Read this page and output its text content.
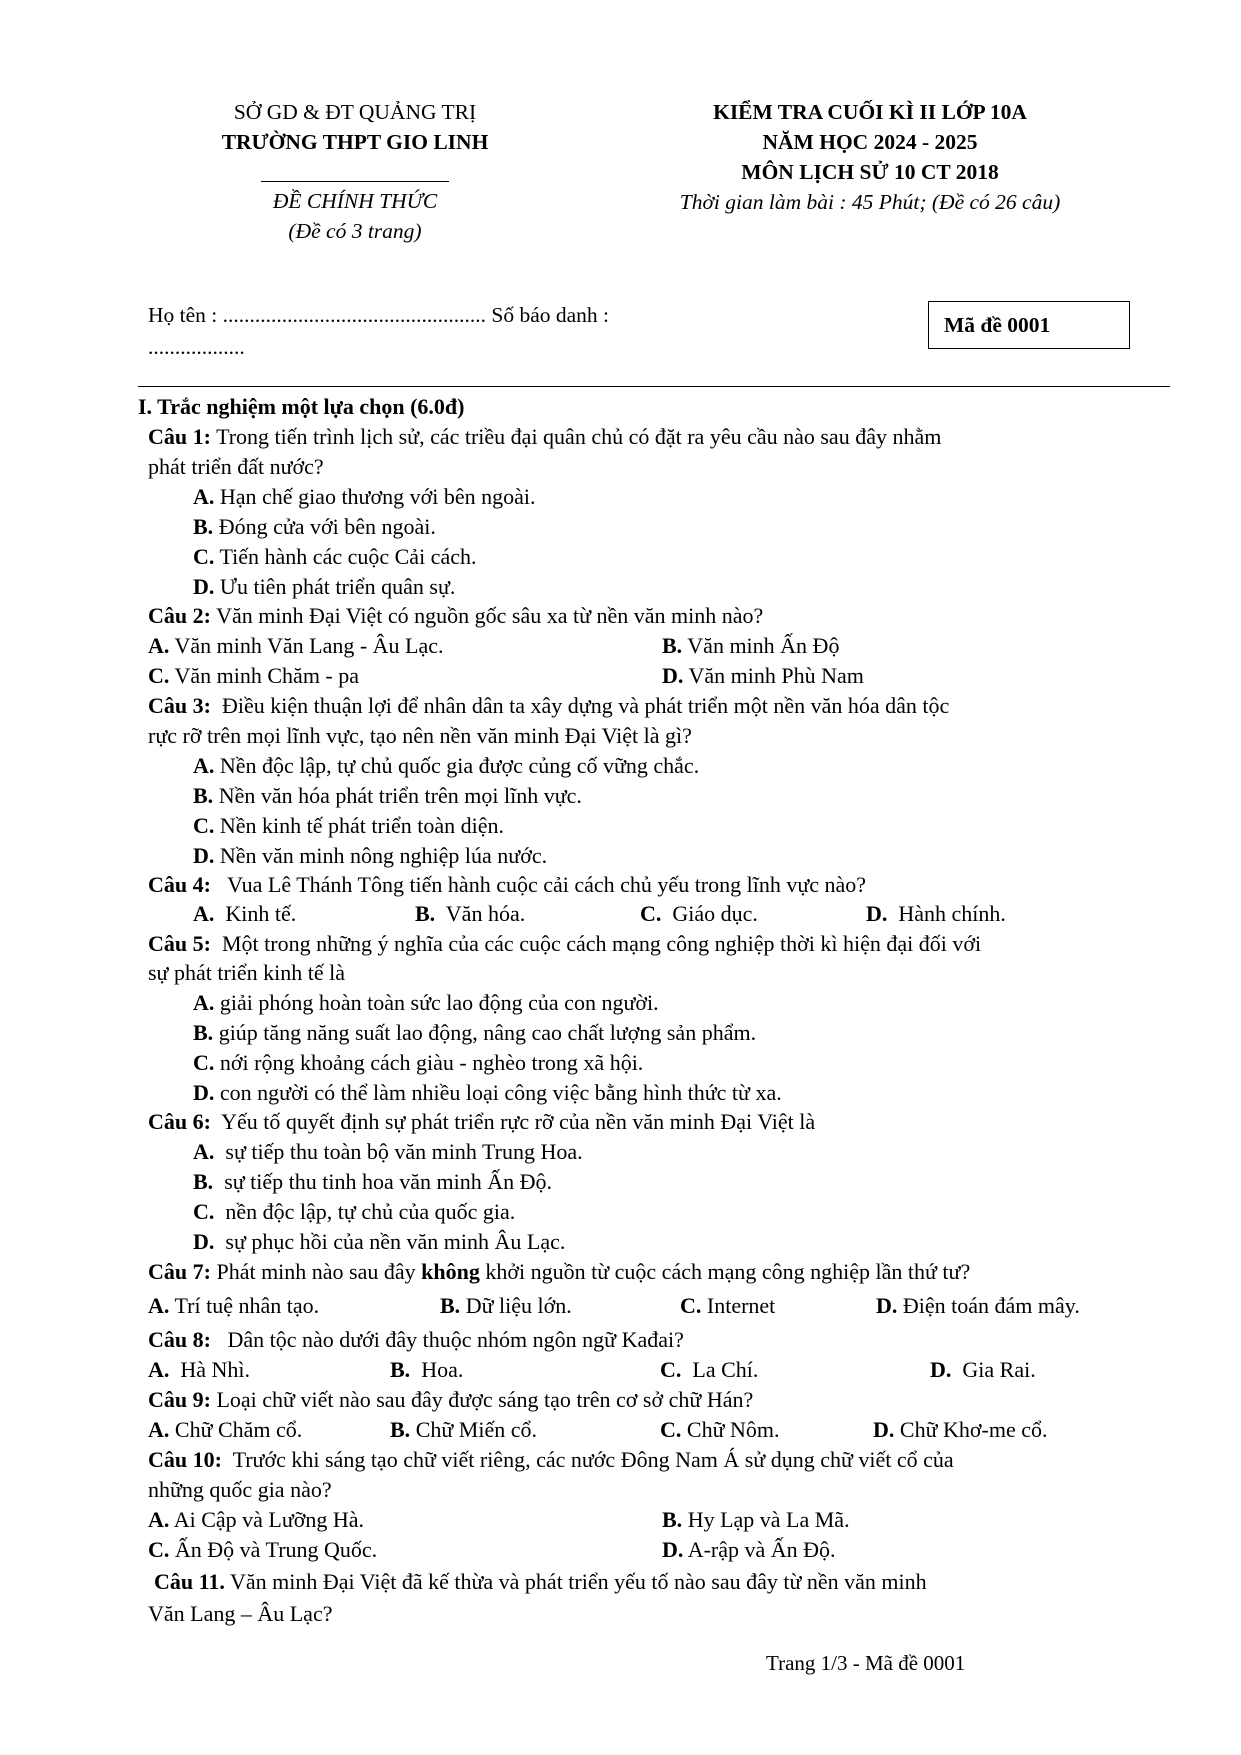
SỞ GD & ĐT QUẢNG TRỊ
TRƯỜNG THPT GIO LINH
ĐỀ CHÍNH THỨC
(Đề có 3 trang)
KIỂM TRA CUỐI KÌ II LỚP 10A
NĂM HỌC 2024 - 2025
MÔN LỊCH SỬ 10 CT 2018
Thời gian làm bài : 45 Phút; (Đề có 26 câu)
Họ tên : ................................................. Số báo danh :
..................
Mã đề 0001
I. Trắc nghiệm một lựa chọn (6.0đ)
Câu 1: Trong tiến trình lịch sử, các triều đại quân chủ có đặt ra yêu cầu nào sau đây nhằm
phát triển đất nước?
A. Hạn chế giao thương với bên ngoài.
B. Đóng cửa với bên ngoài.
C. Tiến hành các cuộc Cải cách.
D. Ưu tiên phát triển quân sự.
Câu 2: Văn minh Đại Việt có nguồn gốc sâu xa từ nền văn minh nào?
A. Văn minh Văn Lang - Âu Lạc.	B. Văn minh Ấn Độ
C. Văn minh Chăm - pa	D. Văn minh Phù Nam
Câu 3: Điều kiện thuận lợi để nhân dân ta xây dựng và phát triển một nền văn hóa dân tộc
rực rỡ trên mọi lĩnh vực, tạo nên nền văn minh Đại Việt là gì?
A. Nền độc lập, tự chủ quốc gia được củng cố vững chắc.
B. Nền văn hóa phát triển trên mọi lĩnh vực.
C. Nền kinh tế phát triển toàn diện.
D. Nền văn minh nông nghiệp lúa nước.
Câu 4: Vua Lê Thánh Tông tiến hành cuộc cải cách chủ yếu trong lĩnh vực nào?
A. Kinh tế.	B. Văn hóa.	C. Giáo dục.	D. Hành chính.
Câu 5: Một trong những ý nghĩa của các cuộc cách mạng công nghiệp thời kì hiện đại đối với
sự phát triển kinh tế là
A. giải phóng hoàn toàn sức lao động của con người.
B. giúp tăng năng suất lao động, nâng cao chất lượng sản phẩm.
C. nới rộng khoảng cách giàu - nghèo trong xã hội.
D. con người có thể làm nhiều loại công việc bằng hình thức từ xa.
Câu 6: Yếu tố quyết định sự phát triển rực rỡ của nền văn minh Đại Việt là
A. sự tiếp thu toàn bộ văn minh Trung Hoa.
B. sự tiếp thu tinh hoa văn minh Ấn Độ.
C. nền độc lập, tự chủ của quốc gia.
D. sự phục hồi của nền văn minh Âu Lạc.
Câu 7: Phát minh nào sau đây không khởi nguồn từ cuộc cách mạng công nghiệp lần thứ tư?
A. Trí tuệ nhân tạo.	B. Dữ liệu lớn.	C. Internet	D. Điện toán đám mây.
Câu 8: Dân tộc nào dưới đây thuộc nhóm ngôn ngữ Kađai?
A. Hà Nhì.	B. Hoa.	C. La Chí.	D. Gia Rai.
Câu 9: Loại chữ viết nào sau đây được sáng tạo trên cơ sở chữ Hán?
A. Chữ Chăm cổ.	B. Chữ Miến cổ.	C. Chữ Nôm.	D. Chữ Khơ-me cổ.
Câu 10: Trước khi sáng tạo chữ viết riêng, các nước Đông Nam Á sử dụng chữ viết cổ của
những quốc gia nào?
A. Ai Cập và Lưỡng Hà.	B. Hy Lạp và La Mã.
C. Ấn Độ và Trung Quốc.	D. A-rập và Ấn Độ.
Câu 11. Văn minh Đại Việt đã kế thừa và phát triển yếu tố nào sau đây từ nền văn minh
Văn Lang – Âu Lạc?
Trang 1/3 - Mã đề 0001
